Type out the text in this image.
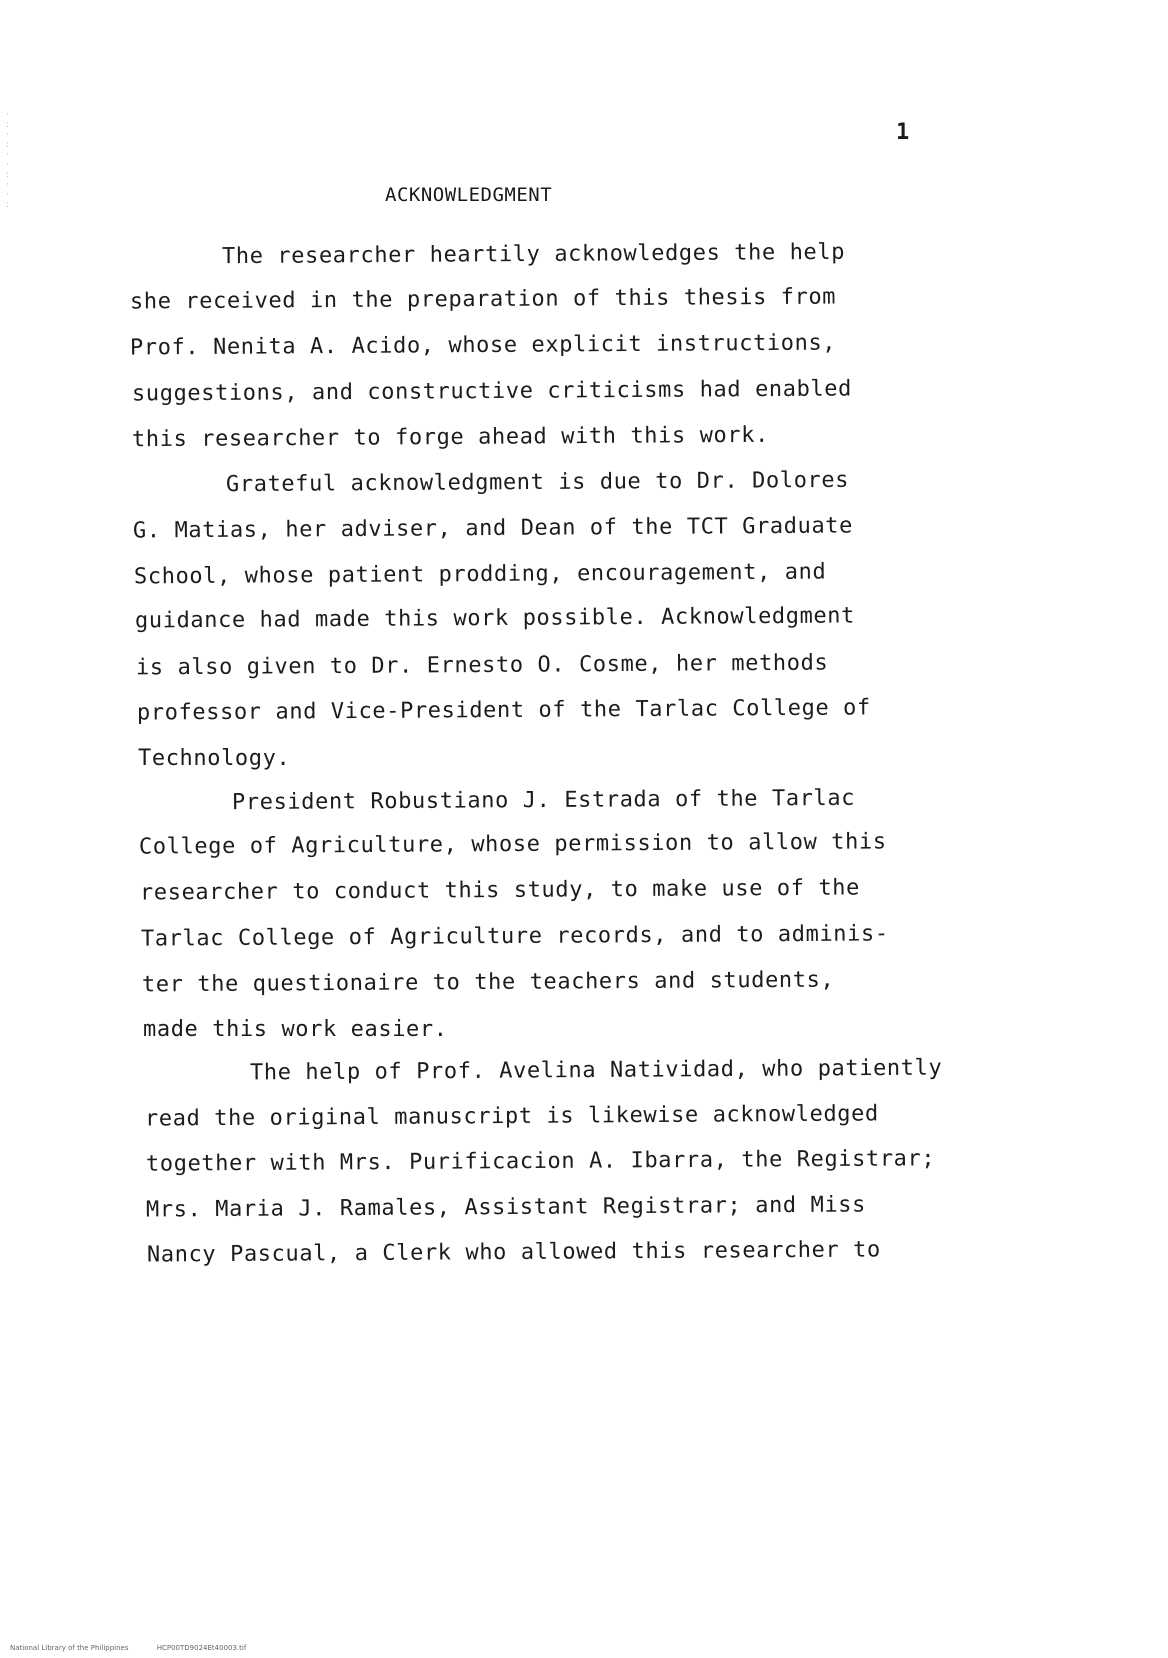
·
:
·
:
·
·
:
·
·
:
1
ACKNOWLEDGMENT
The researcher heartily acknowledges the help
she received in the preparation of this thesis from
Prof. Nenita A. Acido, whose explicit instructions,
suggestions, and constructive criticisms had enabled
this researcher to forge ahead with this work.
Grateful acknowledgment is due to Dr. Dolores
G. Matias, her adviser, and Dean of the TCT Graduate
School, whose patient prodding, encouragement, and
guidance had made this work possible. Acknowledgment
is also given to Dr. Ernesto O. Cosme, her methods
professor and Vice-President of the Tarlac College of
Technology.
President Robustiano J. Estrada of the Tarlac
College of Agriculture, whose permission to allow this
researcher to conduct this study, to make use of the
Tarlac College of Agriculture records, and to adminis-
ter the questionaire to the teachers and students,
made this work easier.
The help of Prof. Avelina Natividad, who patiently
read the original manuscript is likewise acknowledged
together with Mrs. Purificacion A. Ibarra, the Registrar;
Mrs. Maria J. Ramales, Assistant Registrar; and Miss
Nancy Pascual, a Clerk who allowed this researcher to
National Library of the Philippines	HCP00TD9024Et40003.tif
